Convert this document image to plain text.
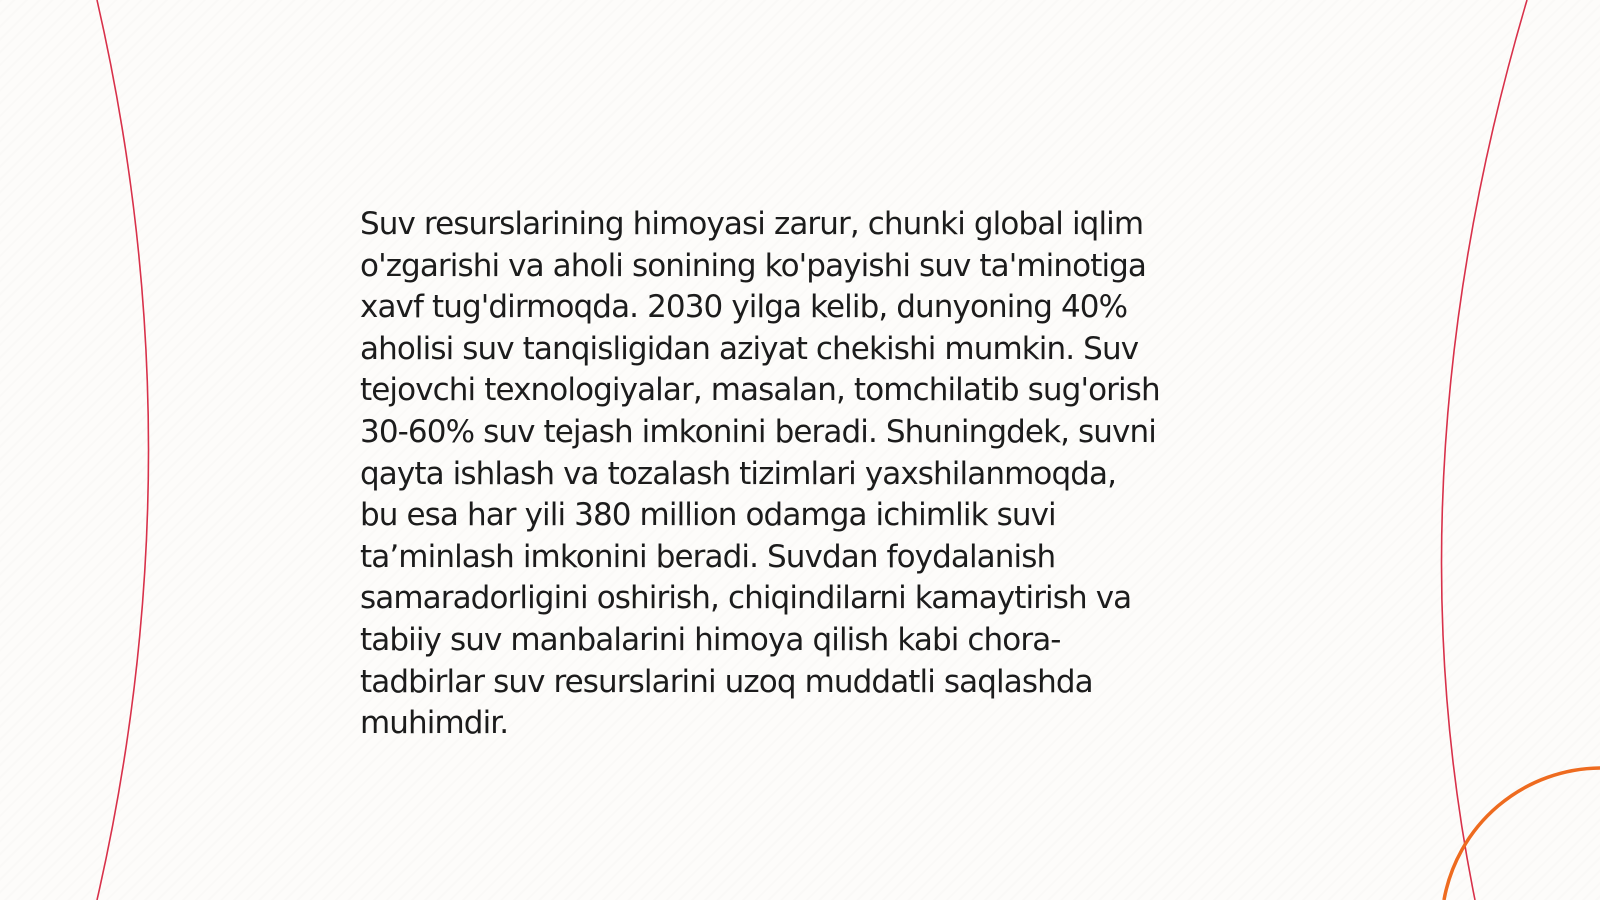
Suv resurslarining himoyasi zarur, chunki global iqlim
o'zgarishi va aholi sonining ko'payishi suv ta'minotiga
xavf tug'dirmoqda. 2030 yilga kelib, dunyoning 40%
aholisi suv tanqisligidan aziyat chekishi mumkin. Suv
tejovchi texnologiyalar, masalan, tomchilatib sug'orish
30-60% suv tejash imkonini beradi. Shuningdek, suvni
qayta ishlash va tozalash tizimlari yaxshilanmoqda,
bu esa har yili 380 million odamga ichimlik suvi
ta’minlash imkonini beradi. Suvdan foydalanish
samaradorligini oshirish, chiqindilarni kamaytirish va
tabiiy suv manbalarini himoya qilish kabi chora-
tadbirlar suv resurslarini uzoq muddatli saqlashda
muhimdir.
